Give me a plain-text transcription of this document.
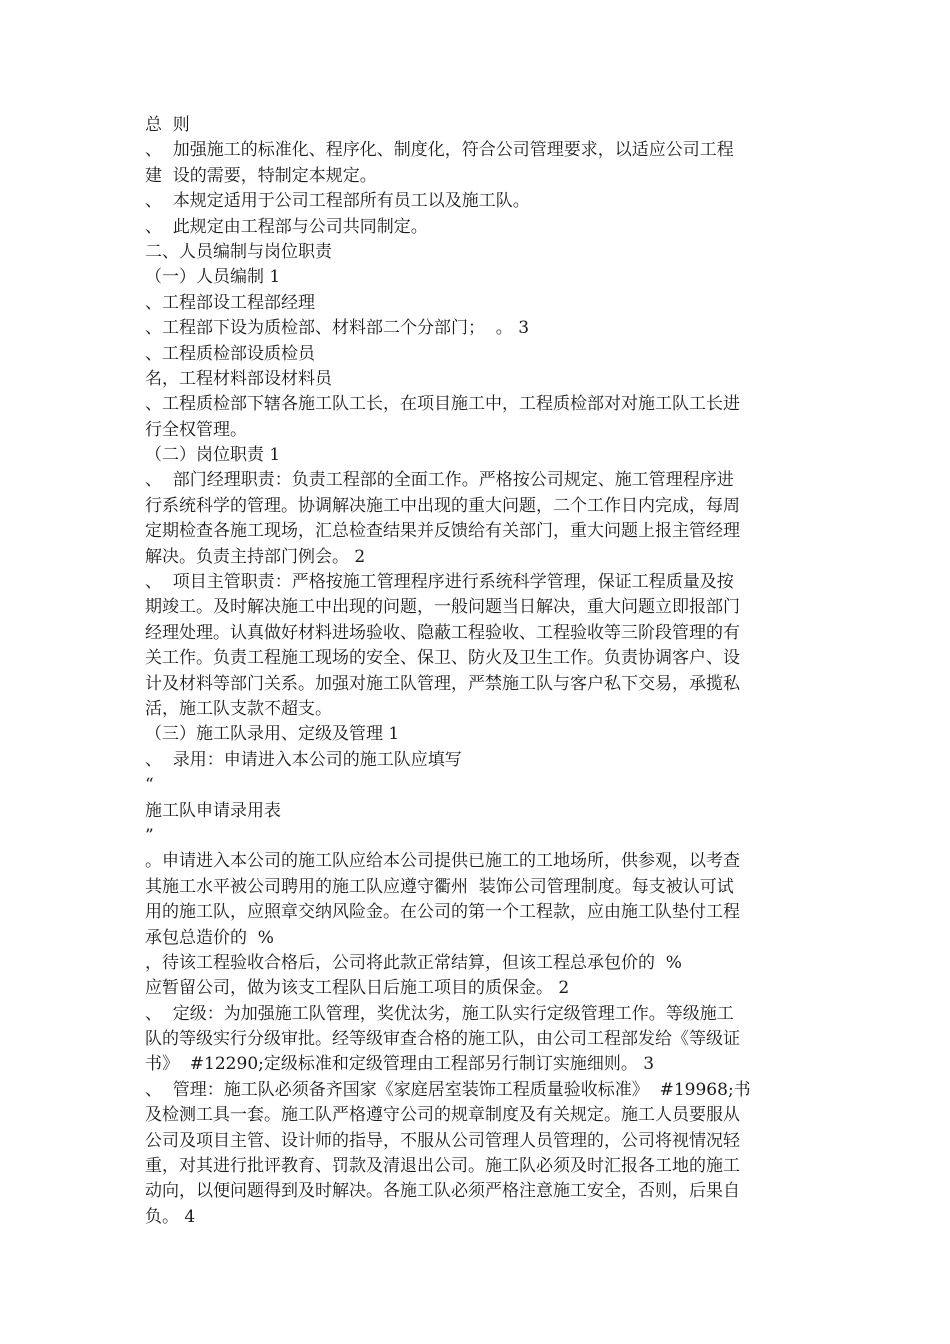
总  则
、  加强施工的标准化、程序化、制度化，符合公司管理要求，以适应公司工程
建  设的需要，特制定本规定。
、  本规定适用于公司工程部所有员工以及施工队。
、  此规定由工程部与公司共同制定。
二、人员编制与岗位职责
（一）人员编制 1
、工程部设工程部经理
、工程部下设为质检部、材料部二个分部门；  。 3
、工程质检部设质检员
名，工程材料部设材料员
、工程质检部下辖各施工队工长，在项目施工中，工程质检部对对施工队工长进
行全权管理。
（二）岗位职责 1
、  部门经理职责：负责工程部的全面工作。严格按公司规定、施工管理程序进
行系统科学的管理。协调解决施工中出现的重大问题，二个工作日内完成，每周
定期检查各施工现场，汇总检查结果并反馈给有关部门，重大问题上报主管经理
解决。负责主持部门例会。 2
、  项目主管职责：严格按施工管理程序进行系统科学管理，保证工程质量及按
期竣工。及时解决施工中出现的问题，一般问题当日解决，重大问题立即报部门
经理处理。认真做好材料进场验收、隐蔽工程验收、工程验收等三阶段管理的有
关工作。负责工程施工现场的安全、保卫、防火及卫生工作。负责协调客户、设
计及材料等部门关系。加强对施工队管理，严禁施工队与客户私下交易，承揽私
活，施工队支款不超支。
（三）施工队录用、定级及管理 1
、  录用：申请进入本公司的施工队应填写
“
施工队申请录用表
”
。申请进入本公司的施工队应给本公司提供已施工的工地场所，供参观，以考查
其施工水平被公司聘用的施工队应遵守衢州  装饰公司管理制度。每支被认可试
用的施工队，应照章交纳风险金。在公司的第一个工程款，应由施工队垫付工程
承包总造价的  %
，待该工程验收合格后，公司将此款正常结算，但该工程总承包价的  %
应暂留公司，做为该支工程队日后施工项目的质保金。 2
、  定级：为加强施工队管理，奖优汰劣，施工队实行定级管理工作。等级施工
队的等级实行分级审批。经等级审查合格的施工队，由公司工程部发给《等级证
书》  #12290;定级标准和定级管理由工程部另行制订实施细则。 3
、  管理：施工队必须备齐国家《家庭居室装饰工程质量验收标准》  #19968;书
及检测工具一套。施工队严格遵守公司的规章制度及有关规定。施工人员要服从
公司及项目主管、设计师的指导，不服从公司管理人员管理的，公司将视情况轻
重，对其进行批评教育、罚款及清退出公司。施工队必须及时汇报各工地的施工
动向，以便问题得到及时解决。各施工队必须严格注意施工安全，否则，后果自
负。 4
